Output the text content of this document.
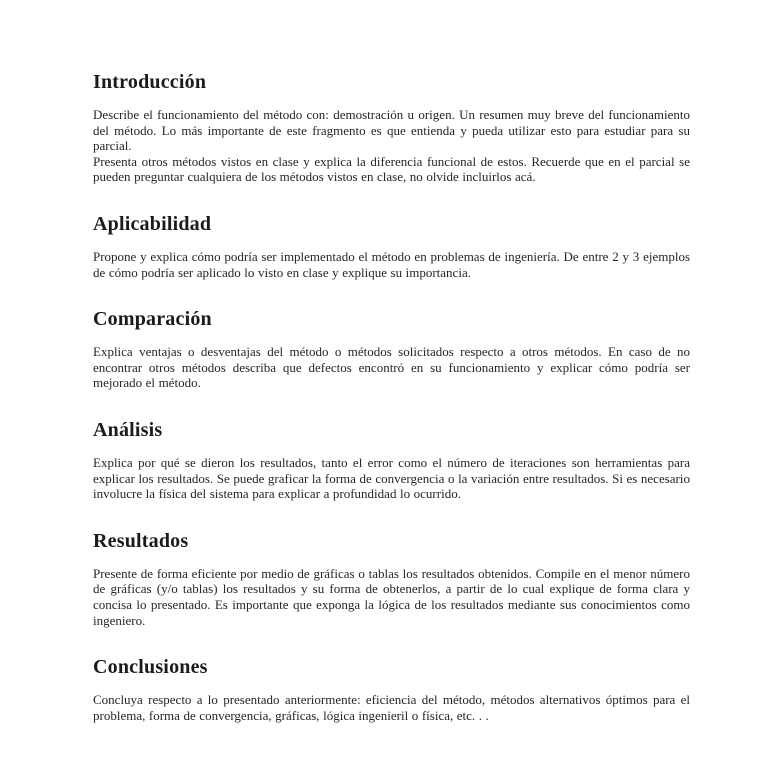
Introducción

Describe el funcionamiento del método con: demostración u origen. Un resumen muy breve del funcionamiento del método. Lo más importante de este fragmento es que entienda y pueda utilizar esto para estudiar para su parcial.

Presenta otros métodos vistos en clase y explica la diferencia funcional de estos. Recuerde que en el parcial se pueden preguntar cualquiera de los métodos vistos en clase, no olvide incluirlos acá.

Aplicabilidad

Propone y explica cómo podría ser implementado el método en problemas de ingeniería. De entre 2 y 3 ejemplos de cómo podría ser aplicado lo visto en clase y explique su importancia.

Comparación

Explica ventajas o desventajas del método o métodos solicitados respecto a otros métodos. En caso de no encontrar otros métodos describa que defectos encontró en su funcionamiento y explicar cómo podría ser mejorado el método.

Análisis

Explica por qué se dieron los resultados, tanto el error como el número de iteraciones son herramientas para explicar los resultados. Se puede graficar la forma de convergencia o la variación entre resultados. Si es necesario involucre la física del sistema para explicar a profundidad lo ocurrido.

Resultados

Presente de forma eficiente por medio de gráficas o tablas los resultados obtenidos. Compile en el menor número de gráficas (y/o tablas) los resultados y su forma de obtenerlos, a partir de lo cual explique de forma clara y concisa lo presentado. Es importante que exponga la lógica de los resultados mediante sus conocimientos como ingeniero.

Conclusiones

Concluya respecto a lo presentado anteriormente: eficiencia del método, métodos alternativos óptimos para el problema, forma de convergencia, gráficas, lógica ingenieril o física, etc. . .
